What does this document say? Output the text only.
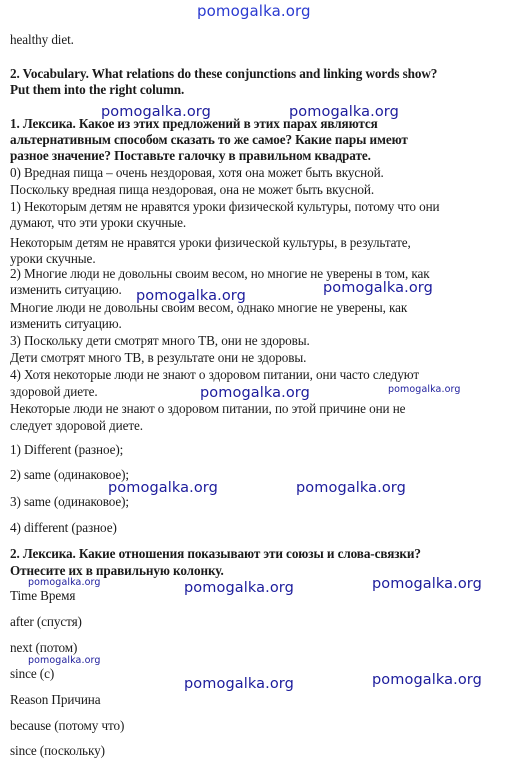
pomogalka.org
pomogalka.org	pomogalka.org
pomogalka.org	pomogalka.org
pomogalka.org	pomogalka.org
pomogalka.org	pomogalka.org
pomogalka.org	pomogalka.org	pomogalka.org
pomogalka.org
pomogalka.org	pomogalka.org
healthy diet.
2. Vocabulary. What relations do these conjunctions and linking words show?
Put them into the right column.
1. Лексика. Какое из этих предложений в этих парах являются
альтернативным способом сказать то же самое? Какие пары имеют
разное значение? Поставьте галочку в правильном квадрате.
0) Вредная пища – очень нездоровая, хотя она может быть вкусной.
Поскольку вредная пища нездоровая, она не может быть вкусной.
1) Некоторым детям не нравятся уроки физической культуры, потому что они
думают, что эти уроки скучные.
Некоторым детям не нравятся уроки физической культуры, в результате,
уроки скучные.
2) Многие люди не довольны своим весом, но многие не уверены в том, как
изменить ситуацию.
Многие люди не довольны своим весом, однако многие не уверены, как
изменить ситуацию.
3) Поскольку дети смотрят много ТВ, они не здоровы.
Дети смотрят много ТВ, в результате они не здоровы.
4) Хотя некоторые люди не знают о здоровом питании, они часто следуют
здоровой диете.
Некоторые люди не знают о здоровом питании, по этой причине они не
следует здоровой диете.
1) Different (разное);
2) same (одинаковое);
3) same (одинаковое);
4) different (разное)
2. Лексика. Какие отношения показывают эти союзы и слова-связки?
Отнесите их в правильную колонку.
Time Время
after (спустя)
next (потом)
since (с)
Reason Причина
because (потому что)
since (поскольку)
